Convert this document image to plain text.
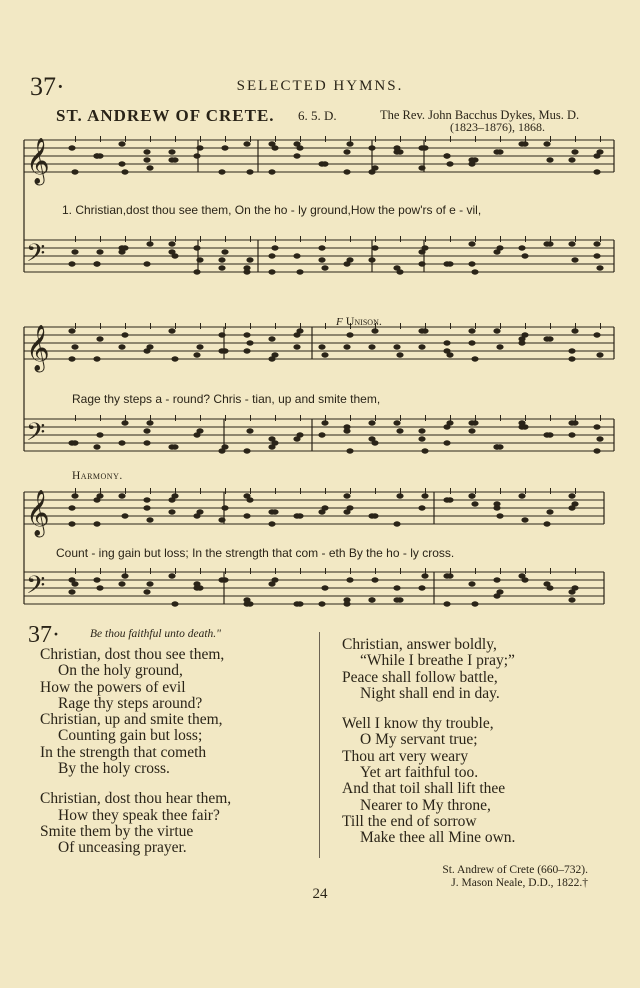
37·	SELECTED HYMNS.
ST. ANDREW OF CRETE. 6. 5. D.	The Rev. John Bacchus Dykes, Mus. D.
(1823–1876), 1868.
𝄞
𝄢
𝄞
𝄢
𝄞
𝄢
f Unison.
Harmony.
1. Christian,dost thou see them, On the ho - ly ground,How the pow'rs of e - vil,
Rage thy steps a - round? Chris - tian, up and smite them,
Count - ing gain but loss; In the strength that com - eth By the ho - ly cross.
37·	Be thou faithful unto death."
Christian, dost thou see them,
On the holy ground,
How the powers of evil
Rage thy steps around?
Christian, up and smite them,
Counting gain but loss;
In the strength that cometh
By the holy cross.
Christian, dost thou hear them,
How they speak thee fair?
Smite them by the virtue
Of unceasing prayer.
Christian, answer boldly,
“While I breathe I pray;”
Peace shall follow battle,
Night shall end in day.
Well I know thy trouble,
O My servant true;
Thou art very weary
Yet art faithful too.
And that toil shall lift thee
Nearer to My throne,
Till the end of sorrow
Make thee all Mine own.
St. Andrew of Crete (660–732).
J. Mason Neale, D.D., 1822.†
24
